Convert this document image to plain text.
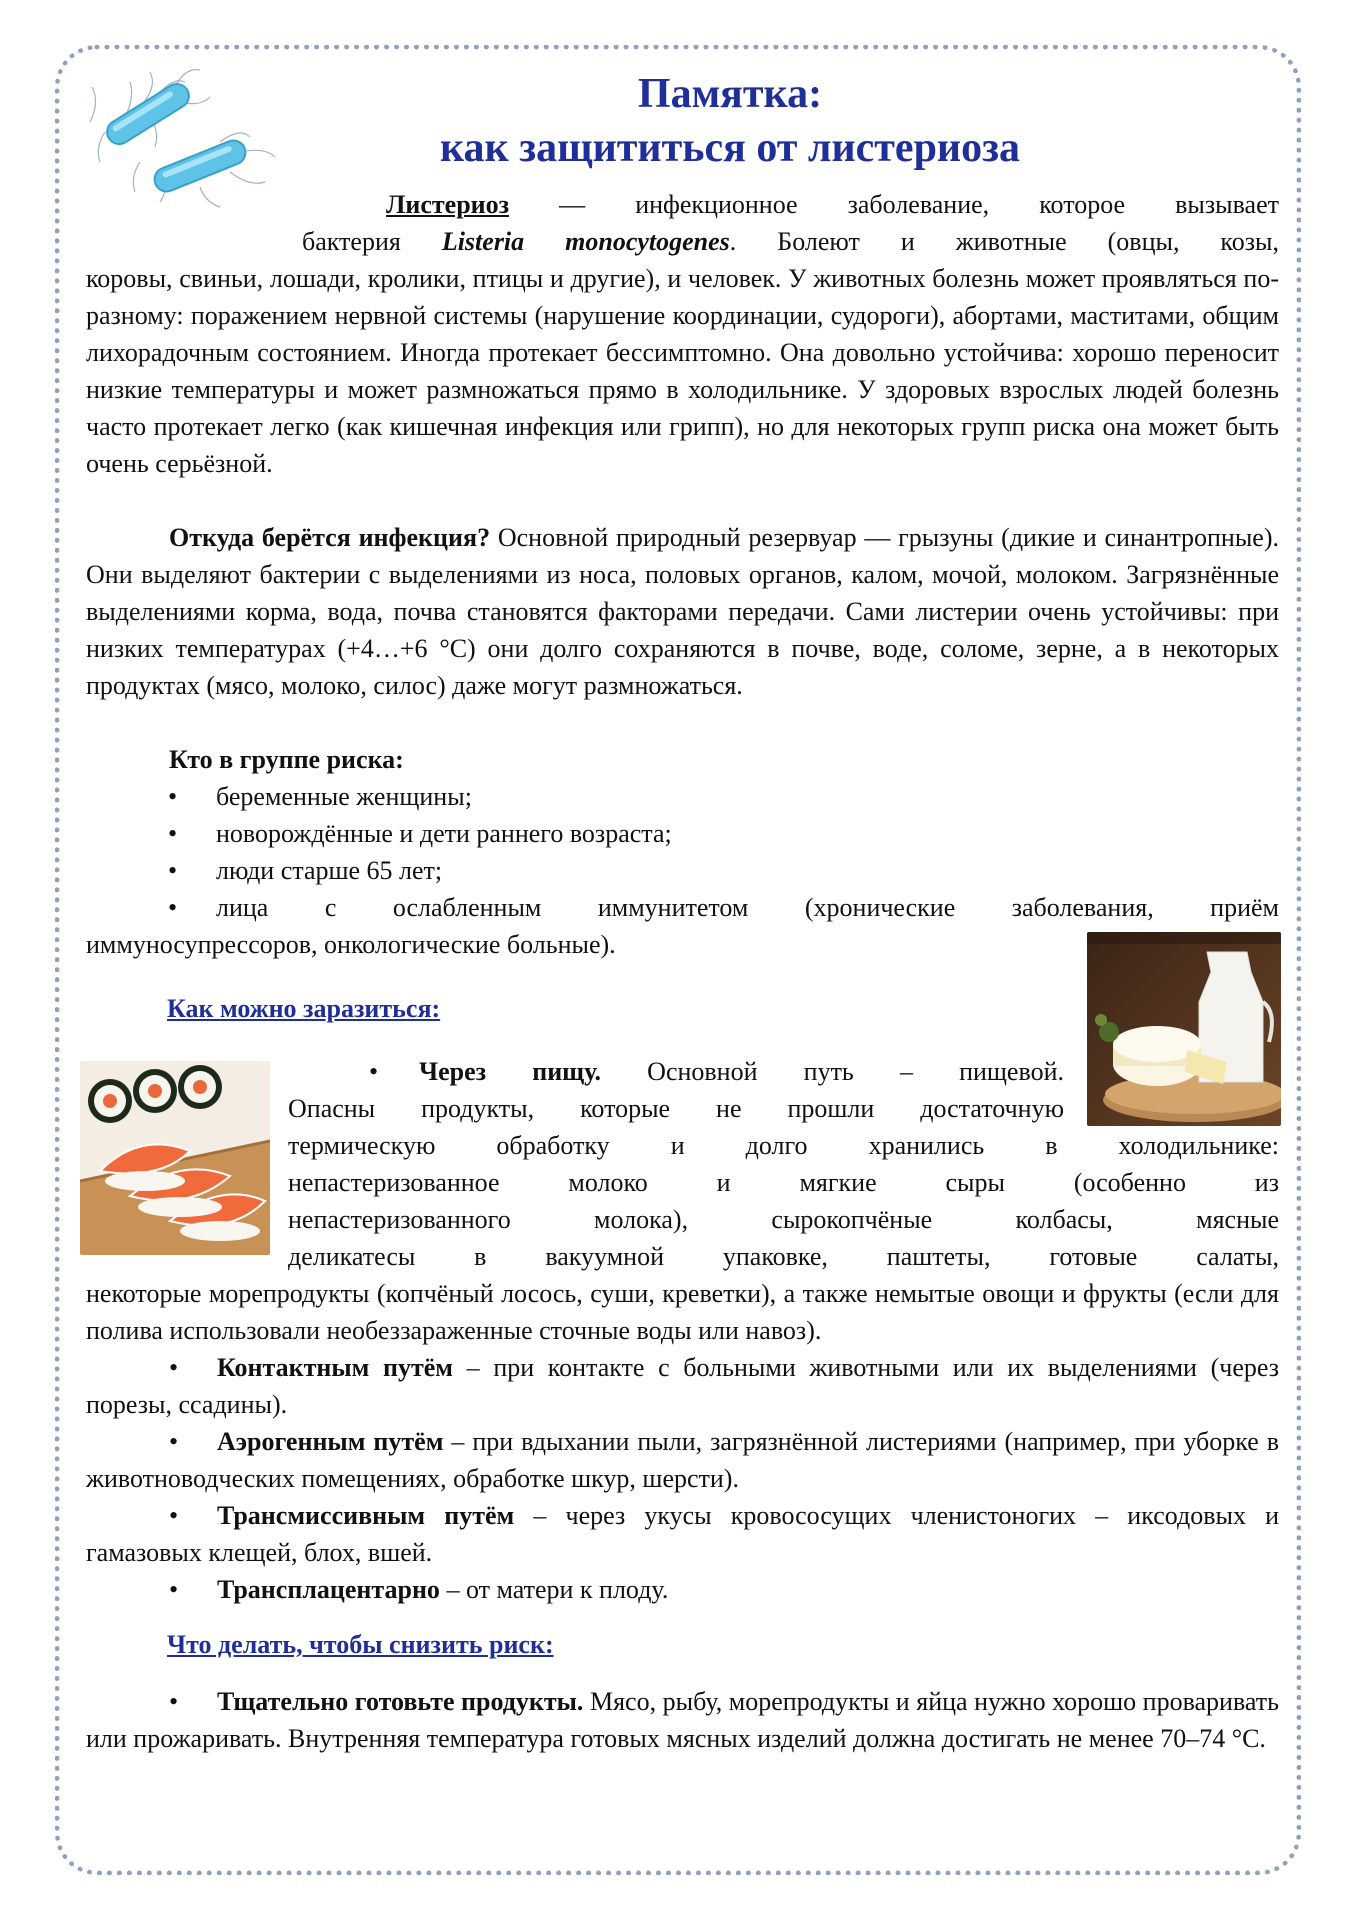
Памятка:
как защититься от листериоза

Листериоз — инфекционное заболевание, которое вызывает

бактерия Listeria monocytogenes. Болеют и животные (овцы, козы,

коровы, свиньи, лошади, кролики, птицы и другие), и человек. У животных болезнь может проявляться по-разному: поражением нервной системы (нарушение координации, судороги), абортами, маститами, общим лихорадочным состоянием. Иногда протекает бессимптомно. Она довольно устойчива: хорошо переносит низкие температуры и может размножаться прямо в холодильнике. У здоровых взрослых людей болезнь часто протекает легко (как кишечная инфекция или грипп), но для некоторых групп риска она может быть очень серьёзной.

Откуда берётся инфекция? Основной природный резервуар — грызуны (дикие и синантропные). Они выделяют бактерии с выделениями из носа, половых органов, калом, мочой, молоком. Загрязнённые выделениями корма, вода, почва становятся факторами передачи. Сами листерии очень устойчивы: при низких температурах (+4…+6 °С) они долго сохраняются в почве, воде, соломе, зерне, а в некоторых продуктах (мясо, молоко, силос) даже могут размножаться.

Кто в группе риска:

• беременные женщины;

• новорождённые и дети раннего возраста;

• люди старше 65 лет;

• лица с ослабленным иммунитетом (хронические заболевания, приём

иммуносупрессоров, онкологические больные).

Как можно заразиться:

• Через пищу. Основной путь – пищевой.

Опасны продукты, которые не прошли достаточную

термическую обработку и долго хранились в холодильнике:

непастеризованное молоко и мягкие сыры (особенно из

непастеризованного молока), сырокопчёные колбасы, мясные

деликатесы в вакуумной упаковке, паштеты, готовые салаты,

некоторые морепродукты (копчёный лосось, суши, креветки), а также немытые овощи и фрукты (если для полива использовали необеззараженные сточные воды или навоз).

• Контактным путём – при контакте с больными животными или их выделениями (через порезы, ссадины).

• Аэрогенным путём – при вдыхании пыли, загрязнённой листериями (например, при уборке в животноводческих помещениях, обработке шкур, шерсти).

• Трансмиссивным путём – через укусы кровососущих членистоногих – иксодовых и гамазовых клещей, блох, вшей.

• Трансплацентарно – от матери к плоду.

Что делать, чтобы снизить риск:

• Тщательно готовьте продукты. Мясо, рыбу, морепродукты и яйца нужно хорошо проваривать или прожаривать. Внутренняя температура готовых мясных изделий должна достигать не менее 70–74 °С.
